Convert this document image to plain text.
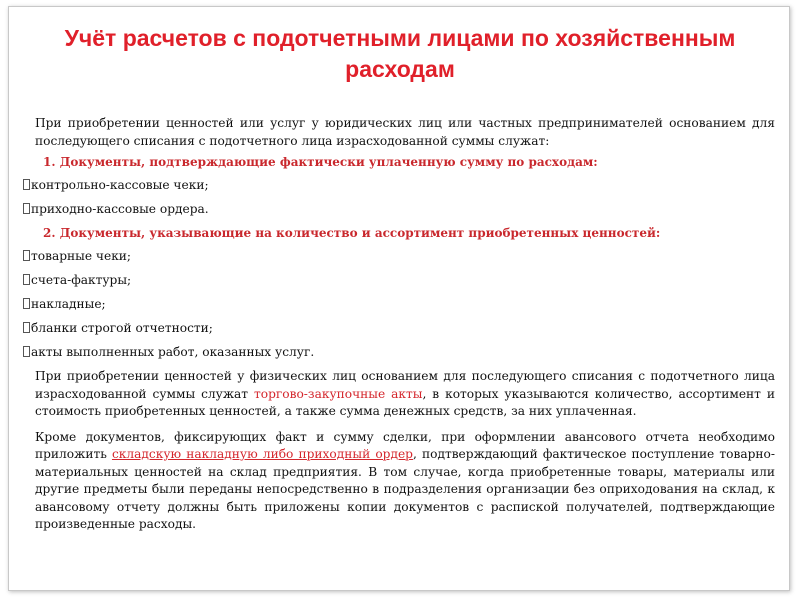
Учёт расчетов с подотчетными лицами по хозяйственным
расходам

При приобретении ценностей или услуг у юридических лиц или частных предпринимателей основанием для последующего списания с подотчетного лица израсходованной суммы служат:

1. Документы, подтверждающие фактически уплаченную сумму по расходам:
контрольно-кассовые чеки;
приходно-кассовые ордера.
2. Документы, указывающие на количество и ассортимент приобретенных ценностей:
товарные чеки;
счета-фактуры;
накладные;
бланки строгой отчетности;
акты выполненных работ, оказанных услуг.

При приобретении ценностей у физических лиц основанием для последующего списания с подотчетного лица израсходованной суммы служат торгово-закупочные акты, в которых указываются количество, ассортимент и стоимость приобретенных ценностей, а также сумма денежных средств, за них уплаченная.

Кроме документов, фиксирующих факт и сумму сделки, при оформлении авансового отчета необходимо приложить складскую накладную либо приходный ордер, подтверждающий фактическое поступление товарно-материальных ценностей на склад предприятия. В том случае, когда приобретенные товары, материалы или другие предметы были переданы непосредственно в подразделения организации без оприходования на склад, к авансовому отчету должны быть приложены копии документов с распиской получателей, подтверждающие произведенные расходы.
